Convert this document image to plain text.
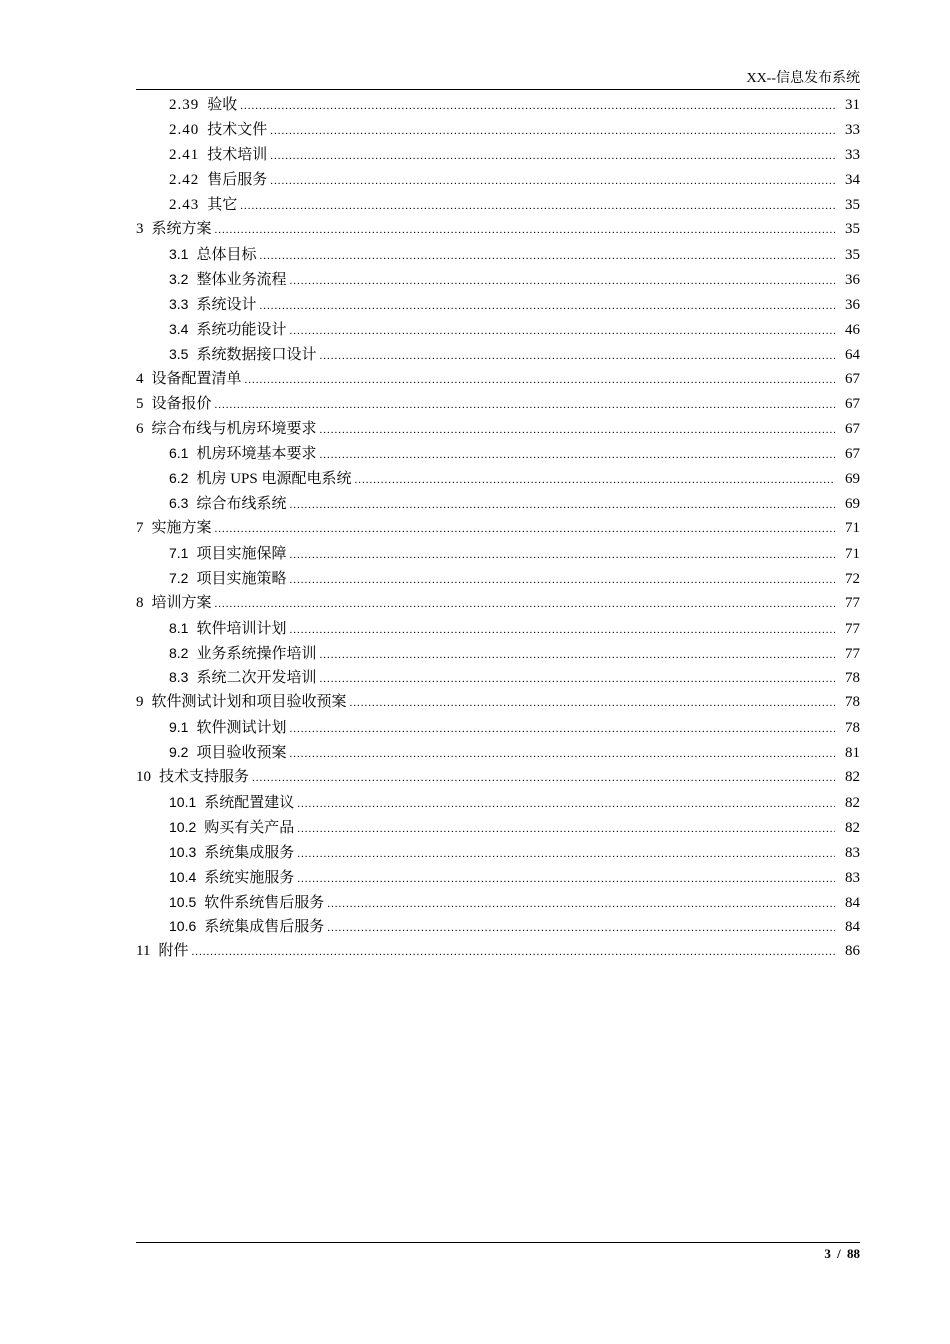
XX--信息发布系统
2.39 验收 .....	31
2.40 技术文件 .....	33
2.41 技术培训 .....	33
2.42 售后服务 .....	34
2.43 其它 .....	35
3 系统方案 .....	35
3.1 总体目标 .....	35
3.2 整体业务流程 .....	36
3.3 系统设计 .....	36
3.4 系统功能设计 .....	46
3.5 系统数据接口设计 .....	64
4 设备配置清单 .....	67
5 设备报价 .....	67
6 综合布线与机房环境要求 .....	67
6.1 机房环境基本要求 .....	67
6.2 机房 UPS 电源配电系统 .....	69
6.3 综合布线系统 .....	69
7 实施方案 .....	71
7.1 项目实施保障 .....	71
7.2 项目实施策略 .....	72
8 培训方案 .....	77
8.1 软件培训计划 .....	77
8.2 业务系统操作培训 .....	77
8.3 系统二次开发培训 .....	78
9 软件测试计划和项目验收预案 .....	78
9.1 软件测试计划 .....	78
9.2 项目验收预案 .....	81
10 技术支持服务 .....	82
10.1 系统配置建议 .....	82
10.2 购买有关产品 .....	82
10.3 系统集成服务 .....	83
10.4 系统实施服务 .....	83
10.5 软件系统售后服务 .....	84
10.6 系统集成售后服务 .....	84
11 附件 .....	86
3 / 88
